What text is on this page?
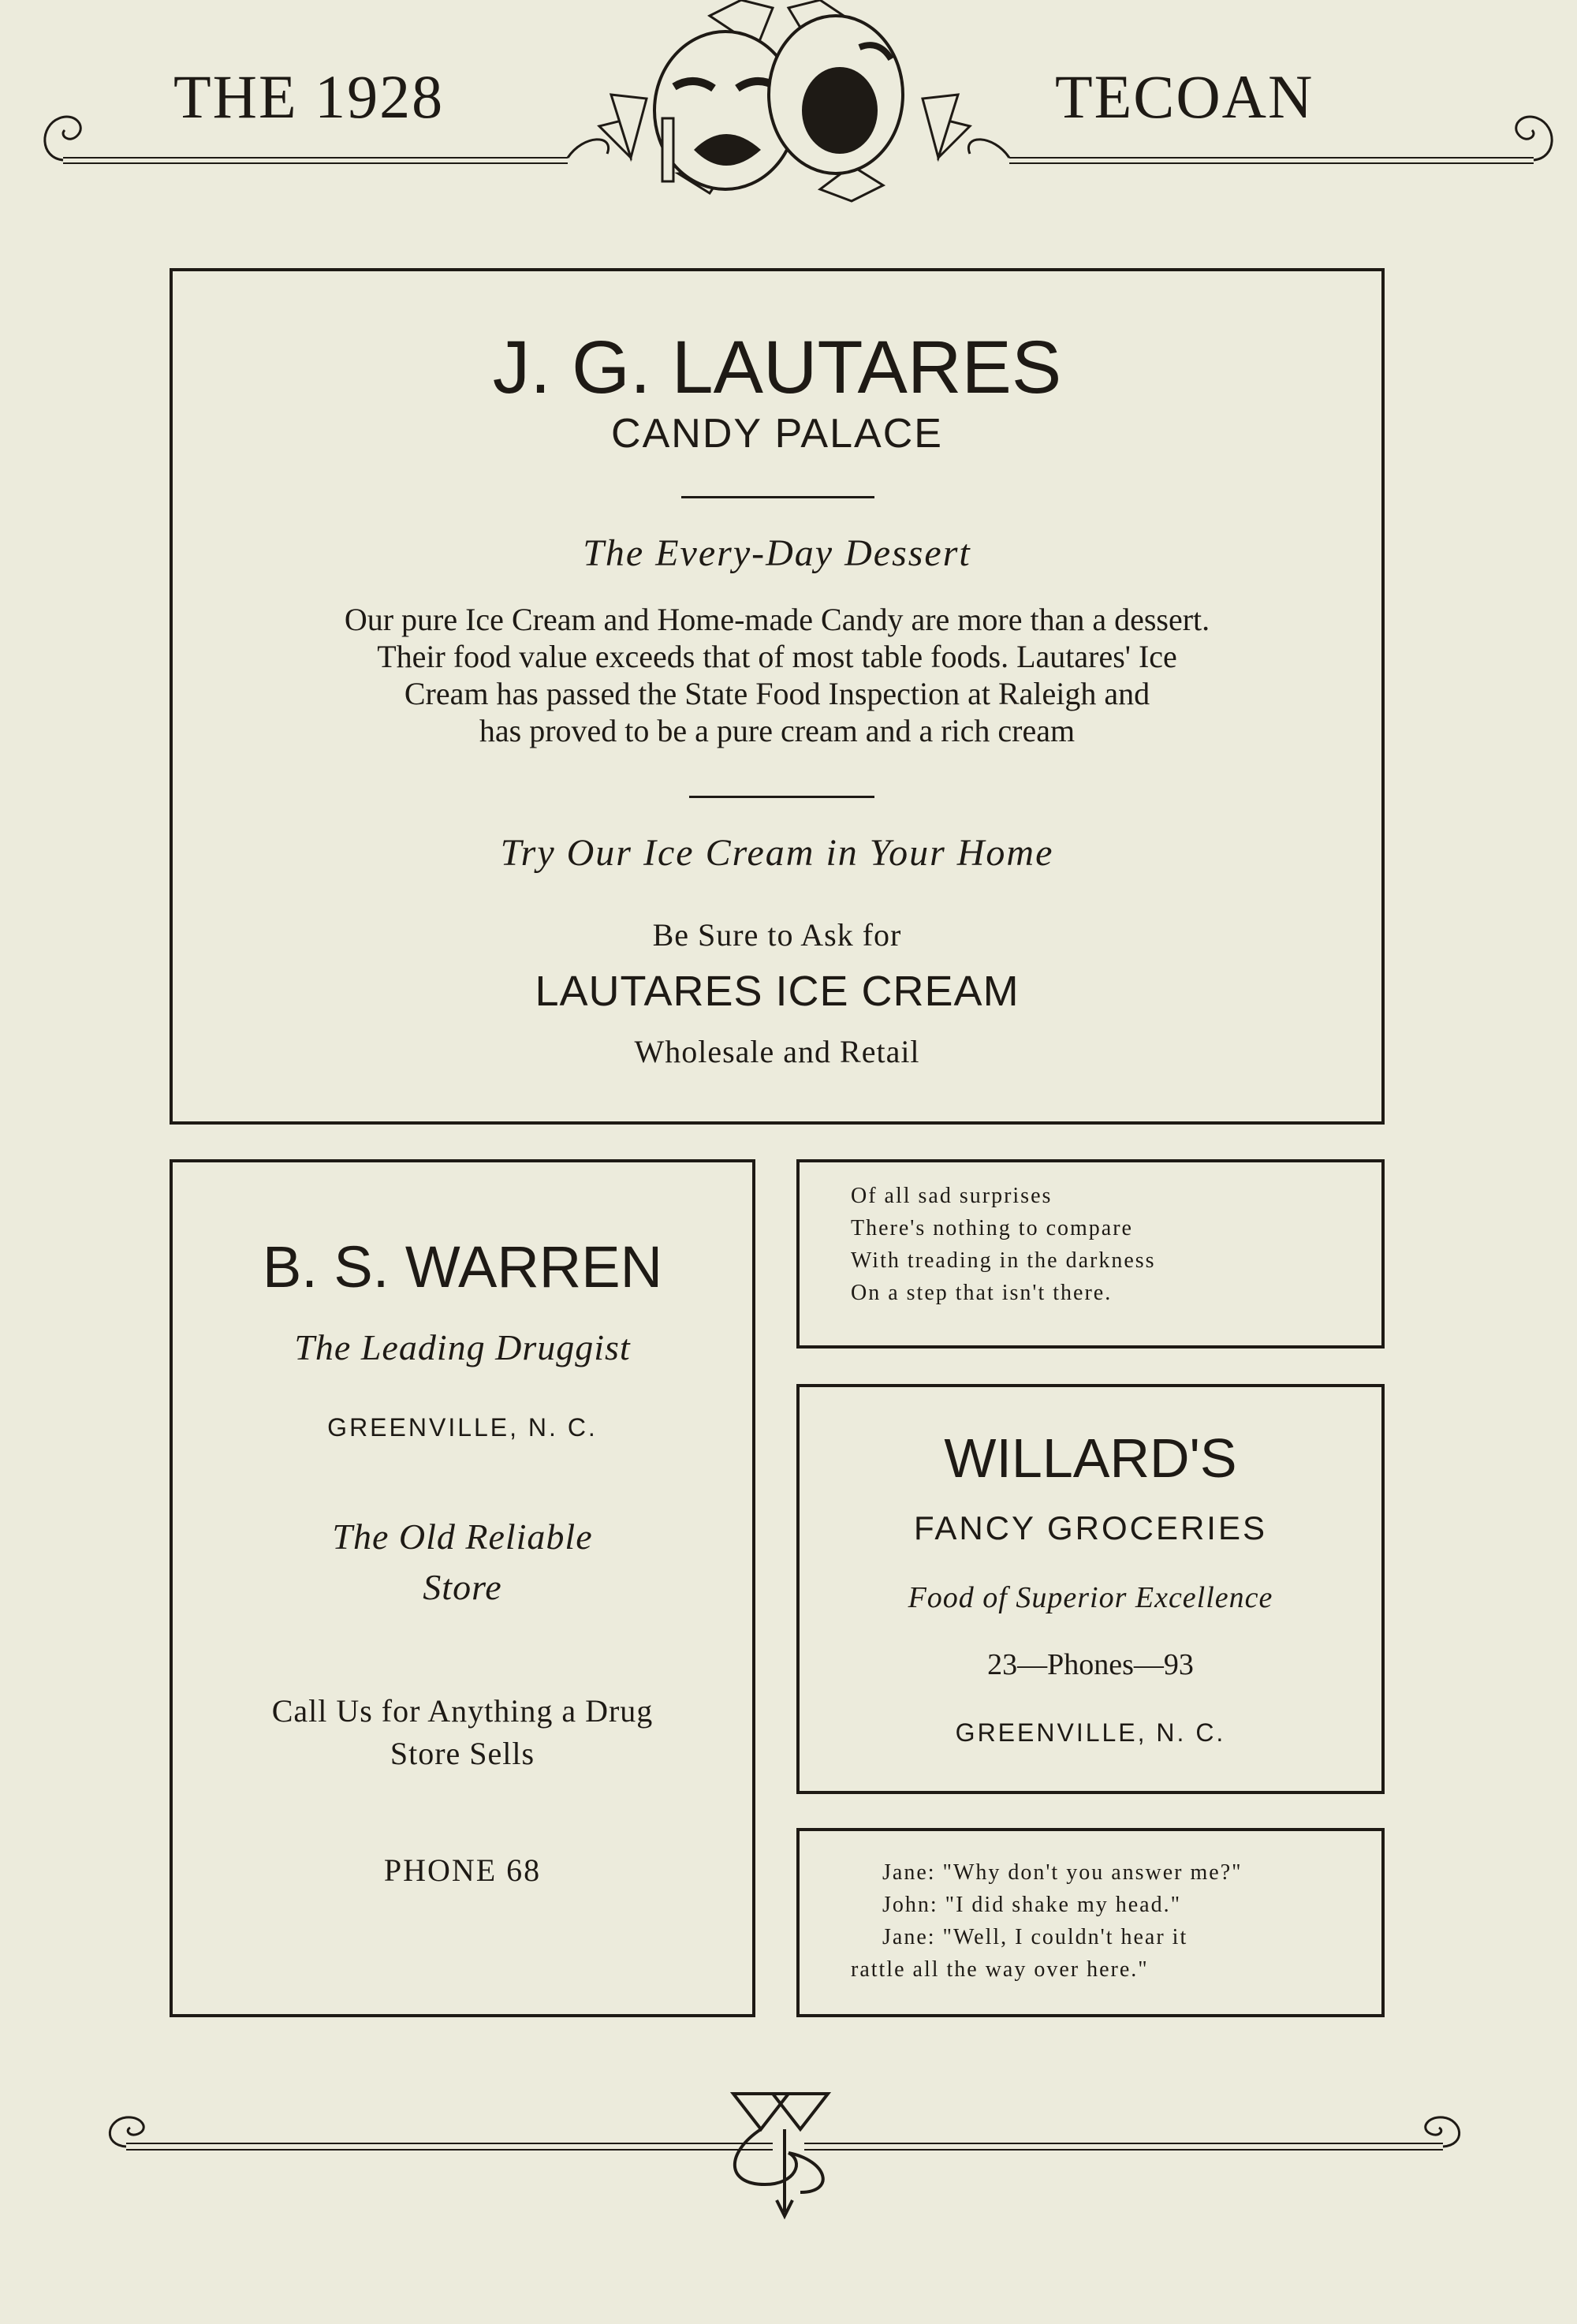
THE 1928	TECOAN
J. G. LAUTARES
CANDY PALACE
The Every-Day Dessert
Our pure Ice Cream and Home-made Candy are more than a dessert.
Their food value exceeds that of most table foods. Lautares' Ice
Cream has passed the State Food Inspection at Raleigh and
has proved to be a pure cream and a rich cream
Try Our Ice Cream in Your Home
Be Sure to Ask for
LAUTARES ICE CREAM
Wholesale and Retail
B. S. WARREN
The Leading Druggist
GREENVILLE, N. C.
The Old Reliable
Store
Call Us for Anything a Drug
Store Sells
PHONE 68
Of all sad surprises
There's nothing to compare
With treading in the darkness
On a step that isn't there.
WILLARD'S
FANCY GROCERIES
Food of Superior Excellence
23—Phones—93
GREENVILLE, N. C.
Jane: "Why don't you answer me?"
John: "I did shake my head."
Jane: "Well, I couldn't hear it
rattle all the way over here."
